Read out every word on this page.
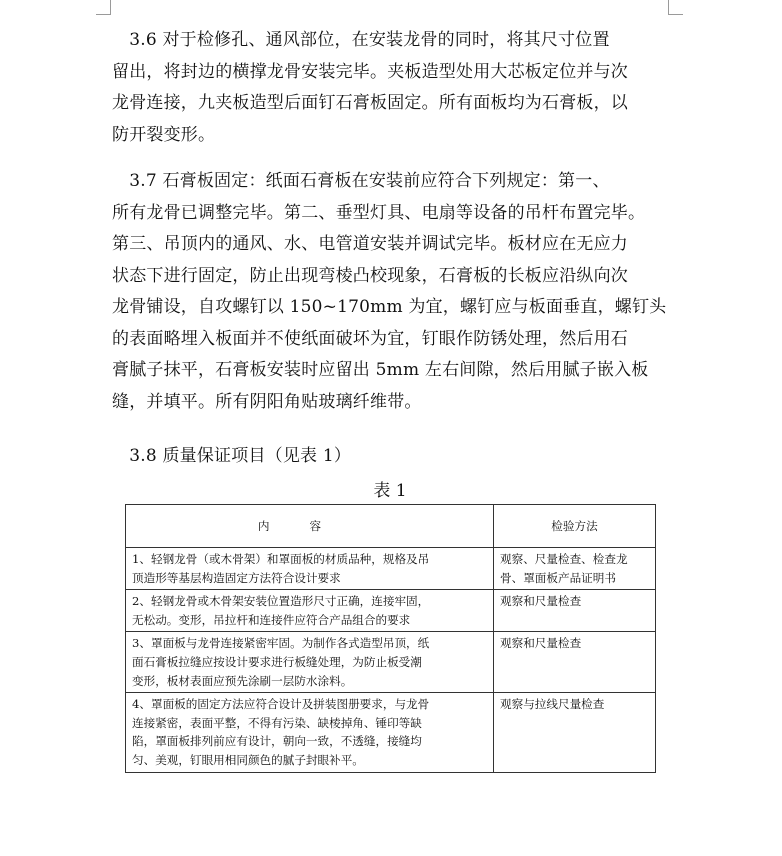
　3.6 对于检修孔、通风部位，在安装龙骨的同时，将其尺寸位置
留出，将封边的横撑龙骨安装完毕。夹板造型处用大芯板定位并与次
龙骨连接，九夹板造型后面钉石膏板固定。所有面板均为石膏板，以
防开裂变形。

　3.7 石膏板固定：纸面石膏板在安装前应符合下列规定：第一、
所有龙骨已调整完毕。第二、垂型灯具、电扇等设备的吊杆布置完毕。
第三、吊顶内的通风、水、电管道安装并调试完毕。板材应在无应力
状态下进行固定，防止出现弯棱凸校现象，石膏板的长板应沿纵向次
龙骨铺设，自攻螺钉以 150~170mm 为宜，螺钉应与板面垂直，螺钉头
的表面略埋入板面并不使纸面破坏为宜，钉眼作防锈处理，然后用石
膏腻子抹平，石膏板安装时应留出 5mm 左右间隙，然后用腻子嵌入板
缝，并填平。所有阴阳角贴玻璃纤维带。

　3.8 质量保证项目（见表 1）

表 1
内容	检验方法

1、轻钢龙骨（或木骨架）和罩面板的材质品种，规格及吊
顶造形等基层构造固定方法符合设计要求	观察、尺量检查、检查龙
骨、罩面板产品证明书

2、轻钢龙骨或木骨架安装位置造形尺寸正确，连接牢固，
无松动。变形，吊拉杆和连接件应符合产品组合的要求	观察和尺量检查

3、罩面板与龙骨连接紧密牢固。为制作各式造型吊顶，纸
面石膏板拉缝应按设计要求进行板缝处理，为防止板受潮
变形，板材表面应预先涂刷一层防水涂料。	观察和尺量检查

4、罩面板的固定方法应符合设计及拼装图册要求，与龙骨
连接紧密，表面平整，不得有污染、缺棱掉角、锤印等缺
陷，罩面板排列前应有设计，朝向一致，不透缝，接缝均
匀、美观，钉眼用相同颜色的腻子封眼补平。	观察与拉线尺量检查
